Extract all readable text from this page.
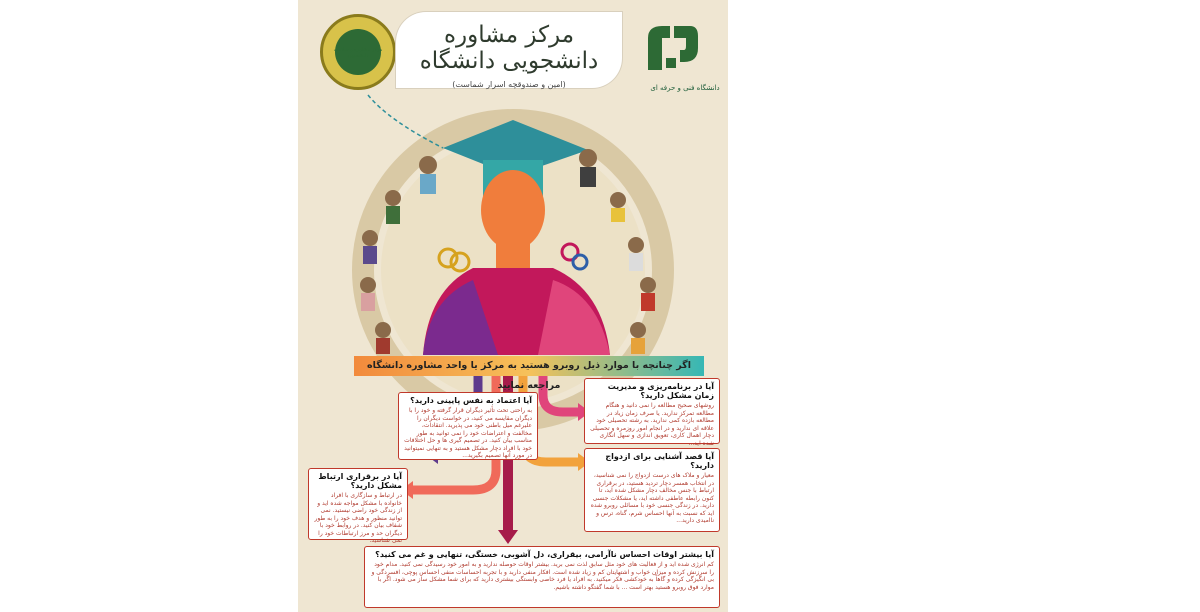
مرکز مشاوره و سلامت دانشجویی
مرکز مشاوره دانشجویی دانشگاه
(امین و صندوقچه اسرار شماست)	دانشگاه فنی و حرفه ای
اگر چنانچه با موارد ذیل روبرو هستید به مرکز یا واحد مشاوره دانشگاه مراجعه نمایید	آیا در برنامه‌ریزی و مدیریت زمان مشکل دارید؟
روشهای صحیح مطالعه را نمی دانید و هنگام مطالعه تمرکز ندارید. یا صرف زمان زیاد در مطالعه بازده کمی ندارید. به رشته تحصیلی خود علاقه ای ندارید و در انجام امور روزمره و تحصیلی دچار اهمال کاری، تعویق اندازی و سهل انگاری شده اید...
آیا اعتماد به نفس پایینی دارید؟
به راحتی تحت تأثیر دیگران قرار گرفته و خود را با دیگران مقایسه می کنید، در خواست دیگران را علیرغم میل باطنی خود می پذیرید. انتقادات، مخالفت و اعتراضات خود را نمی توانید به طور مناسب بیان کنید. در تصمیم گیری ها و حل اختلافات خود با افراد دچار مشکل هستید و به تنهایی نمیتوانید در مورد آنها تصمیم بگیرید...	آیا قصد آشنایی برای ازدواج دارید؟
معیار و ملاک های درست ازدواج را نمی شناسید، در انتخاب همسر دچار تردید هستید، در برقراری ارتباط با جنس مخالف دچار مشکل شده اید، تا کنون رابطه عاطفی داشته اید، یا مشکلات جنسی دارید. در زندگی جنسی خود با مسائلی روبرو شده اید که نسبت به آنها احساس شرم، گناه، ترس و ناامیدی دارید...
آیا در برقراری ارتباط مشکل دارید؟
در ارتباط و سازگاری با افراد خانواده با مشکل مواجه شده اید و از زندگی خود راضی نیستید. نمی توانید منظور و هدف خود را به طور شفاف بیان کنید. در روابط خود با دیگران حد و مرز ارتباطات خود را نمی شناسید.
آیا بیشتر اوقات احساس ناآرامی، بیقراری، دل آشوبی، خستگی، تنهایی و غم می کنید؟
کم انرژی شده اید و از فعالیت های خود مثل سابق لذت نمی برید. بیشتر اوقات حوصله ندارید و به امور خود رسیدگی نمی کنید. مدام خود را سرزنش کرده و میزان خواب و اشتهایتان کم و زیاد شده است. افکار منفی دارید و با تجربه احساسات منفی احساس پوچی، افسردگی و بی انگیزگی کرده و گاهاً به خودکشی فکر میکنید. به افراد یا فرد خاصی وابستگی بیشتری دارید که برای شما مشکل ساز می شود. اگر با موارد فوق روبرو هستید بهتر است ... با شما گفتگو داشته باشیم.
